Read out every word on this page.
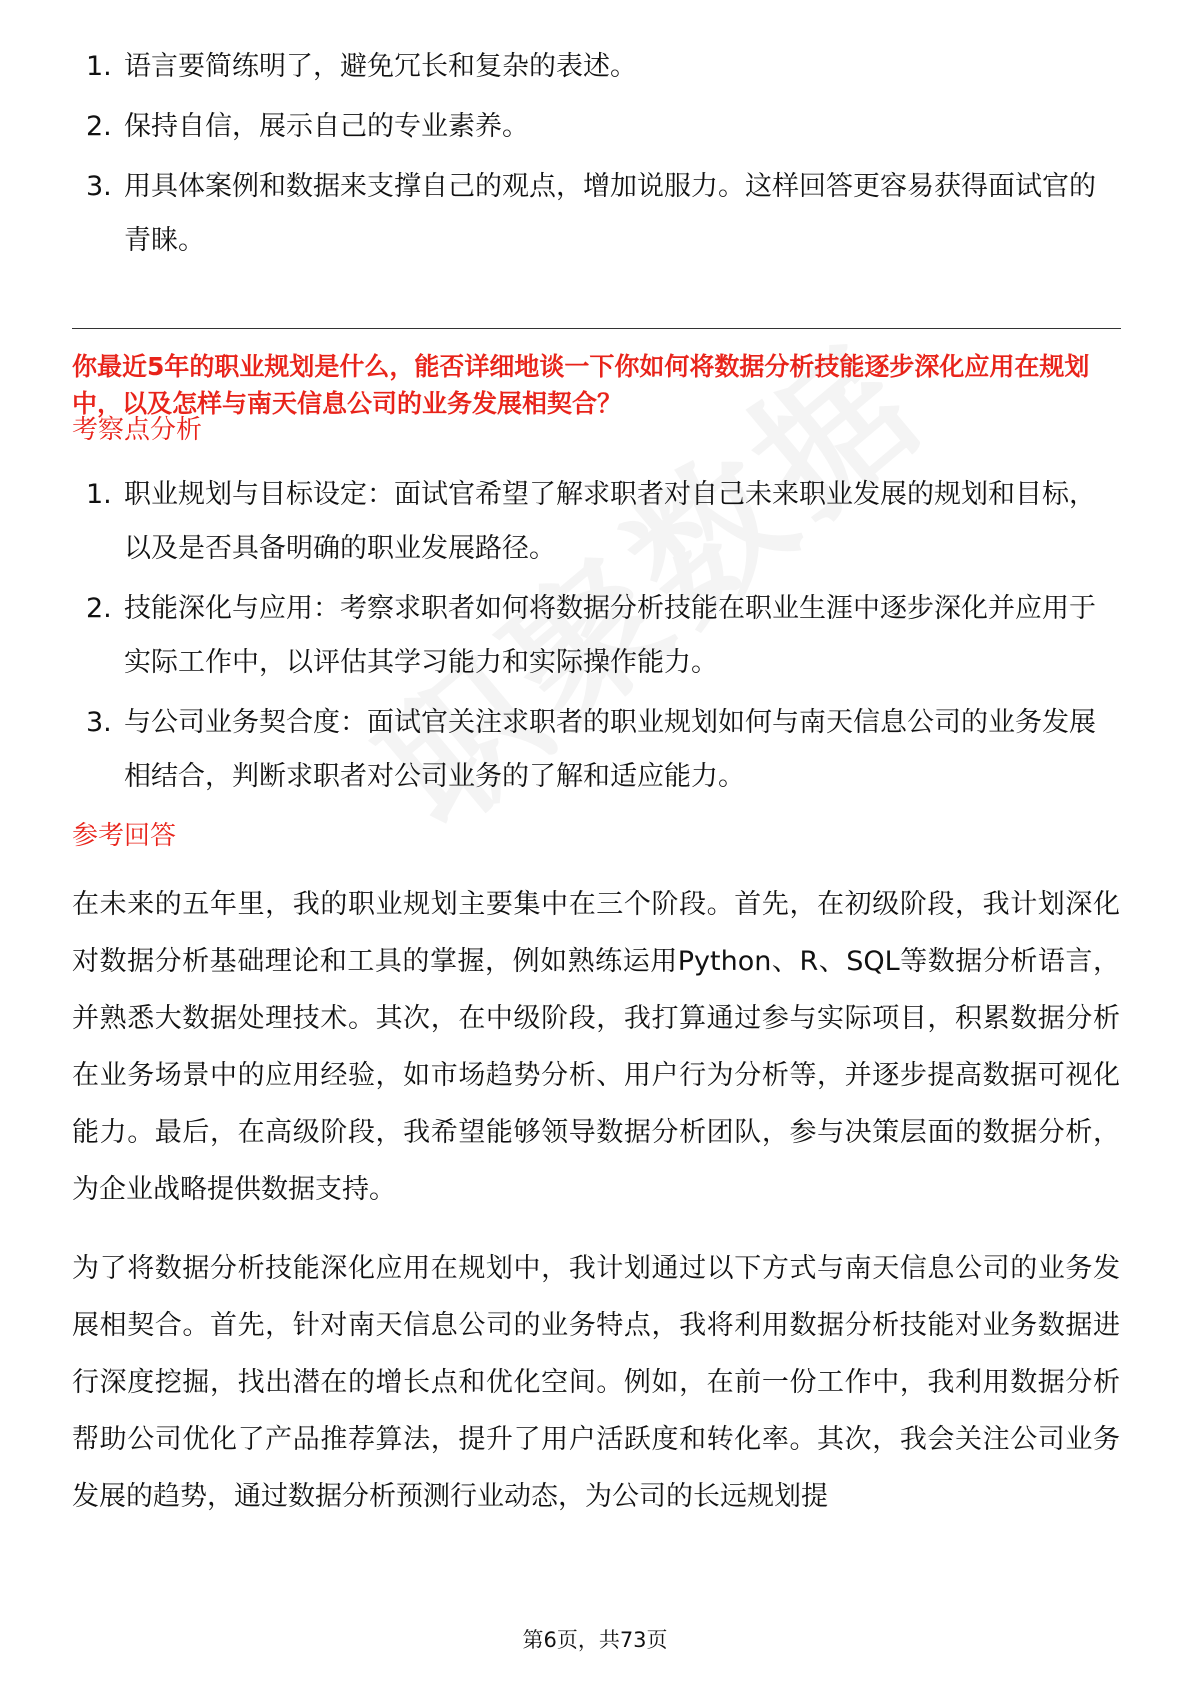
1. 语言要简练明了，避免冗长和复杂的表述。
2. 保持自信，展示自己的专业素养。
3. 用具体案例和数据来支撑自己的观点，增加说服力。这样回答更容易获得面试官的青睐。
你最近5年的职业规划是什么，能否详细地谈一下你如何将数据分析技能逐步深化应用在规划中，以及怎样与南天信息公司的业务发展相契合？
考察点分析
1. 职业规划与目标设定：面试官希望了解求职者对自己未来职业发展的规划和目标，以及是否具备明确的职业发展路径。
2. 技能深化与应用：考察求职者如何将数据分析技能在职业生涯中逐步深化并应用于实际工作中，以评估其学习能力和实际操作能力。
3. 与公司业务契合度：面试官关注求职者的职业规划如何与南天信息公司的业务发展相结合，判断求职者对公司业务的了解和适应能力。
参考回答

在未来的五年里，我的职业规划主要集中在三个阶段。首先，在初级阶段，我计划深化对数据分析基础理论和工具的掌握，例如熟练运用Python、R、SQL等数据分析语言，并熟悉大数据处理技术。其次，在中级阶段，我打算通过参与实际项目，积累数据分析在业务场景中的应用经验，如市场趋势分析、用户行为分析等，并逐步提高数据可视化能力。最后，在高级阶段，我希望能够领导数据分析团队，参与决策层面的数据分析，为企业战略提供数据支持。

为了将数据分析技能深化应用在规划中，我计划通过以下方式与南天信息公司的业务发展相契合。首先，针对南天信息公司的业务特点，我将利用数据分析技能对业务数据进行深度挖掘，找出潜在的增长点和优化空间。例如，在前一份工作中，我利用数据分析帮助公司优化了产品推荐算法，提升了用户活跃度和转化率。其次，我会关注公司业务发展的趋势，通过数据分析预测行业动态，为公司的长远规划提

第6页，共73页
